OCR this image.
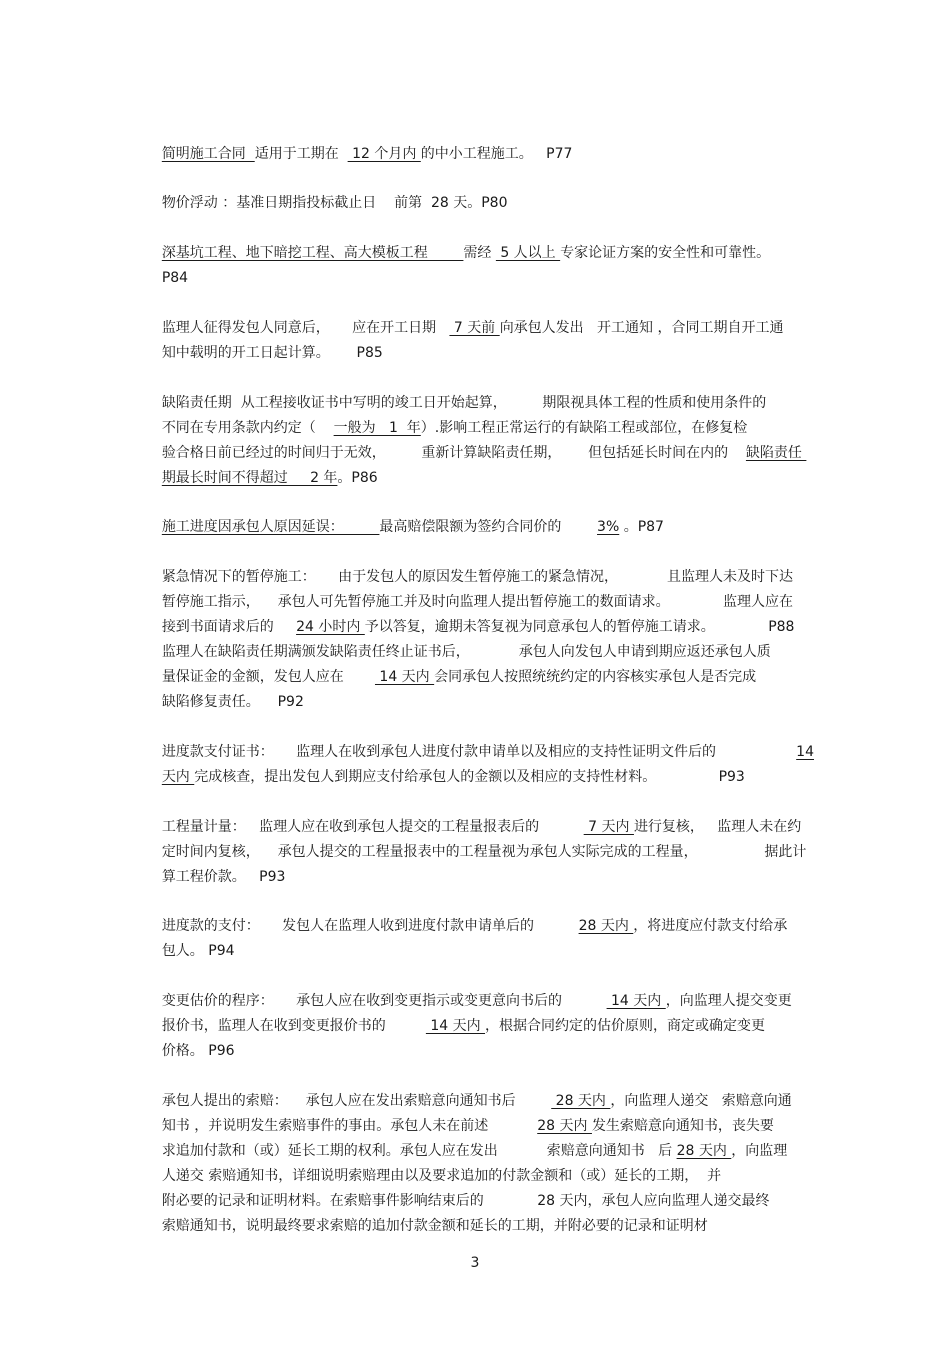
简明施工合同  适用于工期在   12 个月内 的中小工程施工。   P77

物价浮动 ：基准日期指投标截止日    前第  28 天。P80

深基坑工程、地下暗挖工程、高大模板工程        需经  5 人以上 专家论证方案的安全性和可靠性。

P84

监理人征得发包人同意后，     应在开工日期    7 天前 向承包人发出   开工通知 ，合同工期自开工通

知中载明的开工日起计算。      P85

缺陷责任期  从工程接收证书中写明的竣工日开始起算，        期限视具体工程的性质和使用条件的

不同在专用条款内约定（    一般为   1  年）.影响工程正常运行的有缺陷工程或部位，在修复检

验合格日前已经过的时间归于无效，        重新计算缺陷责任期，      但包括延长时间在内的    缺陷责任

期最长时间不得超过     2 年。P86

施工进度因承包人原因延误：        最高赔偿限额为签约合同价的        3% 。P87

紧急情况下的暂停施工：     由于发包人的原因发生暂停施工的紧急情况，           且监理人未及时下达

暂停施工指示，    承包人可先暂停施工并及时向监理人提出暂停施工的数面请求。            监理人应在

接到书面请求后的     24 小时内 予以答复，逾期未答复视为同意承包人的暂停施工请求。            P88

监理人在缺陷责任期满颁发缺陷责任终止证书后，           承包人向发包人申请到期应返还承包人质

量保证金的金额，发包人应在        14 天内 会同承包人按照统统约定的内容核实承包人是否完成

缺陷修复责任。    P92

进度款支付证书：     监理人在收到承包人进度付款申请单以及相应的支持性证明文件后的                  14

天内 完成核查，提出发包人到期应支付给承包人的金额以及相应的支持性材料。              P93

工程量计量：   监理人应在收到承包人提交的工程量报表后的           7 天内 进行复核，   监理人未在约

定时间内复核，    承包人提交的工程量报表中的工程量视为承包人实际完成的工程量，               据此计

算工程价款。   P93

进度款的支付：     发包人在监理人收到进度付款申请单后的          28 天内 ，将进度应付款支付给承

包人。 P94

变更估价的程序：     承包人应在收到变更指示或变更意向书后的           14 天内 ，向监理人提交变更

报价书，监理人在收到变更报价书的          14 天内 ，根据合同约定的估价原则，商定或确定变更

价格。 P96

承包人提出的索赔：    承包人应在发出索赔意向通知书后         28 天内 ，向监理人递交   索赔意向通

知书 ，并说明发生索赔事件的事由。承包人未在前述           28 天内 发生索赔意向通知书，丧失要

求追加付款和（或）延长工期的权利。承包人应在发出           索赔意向通知书   后 28 天内 ，向监理

人递交 索赔通知书，详细说明索赔理由以及要求追加的付款金额和（或）延长的工期，  并

附必要的记录和证明材料。在索赔事件影响结束后的            28 天内，承包人应向监理人递交最终

索赔通知书，说明最终要求索赔的追加付款金额和延长的工期，并附必要的记录和证明材

3
